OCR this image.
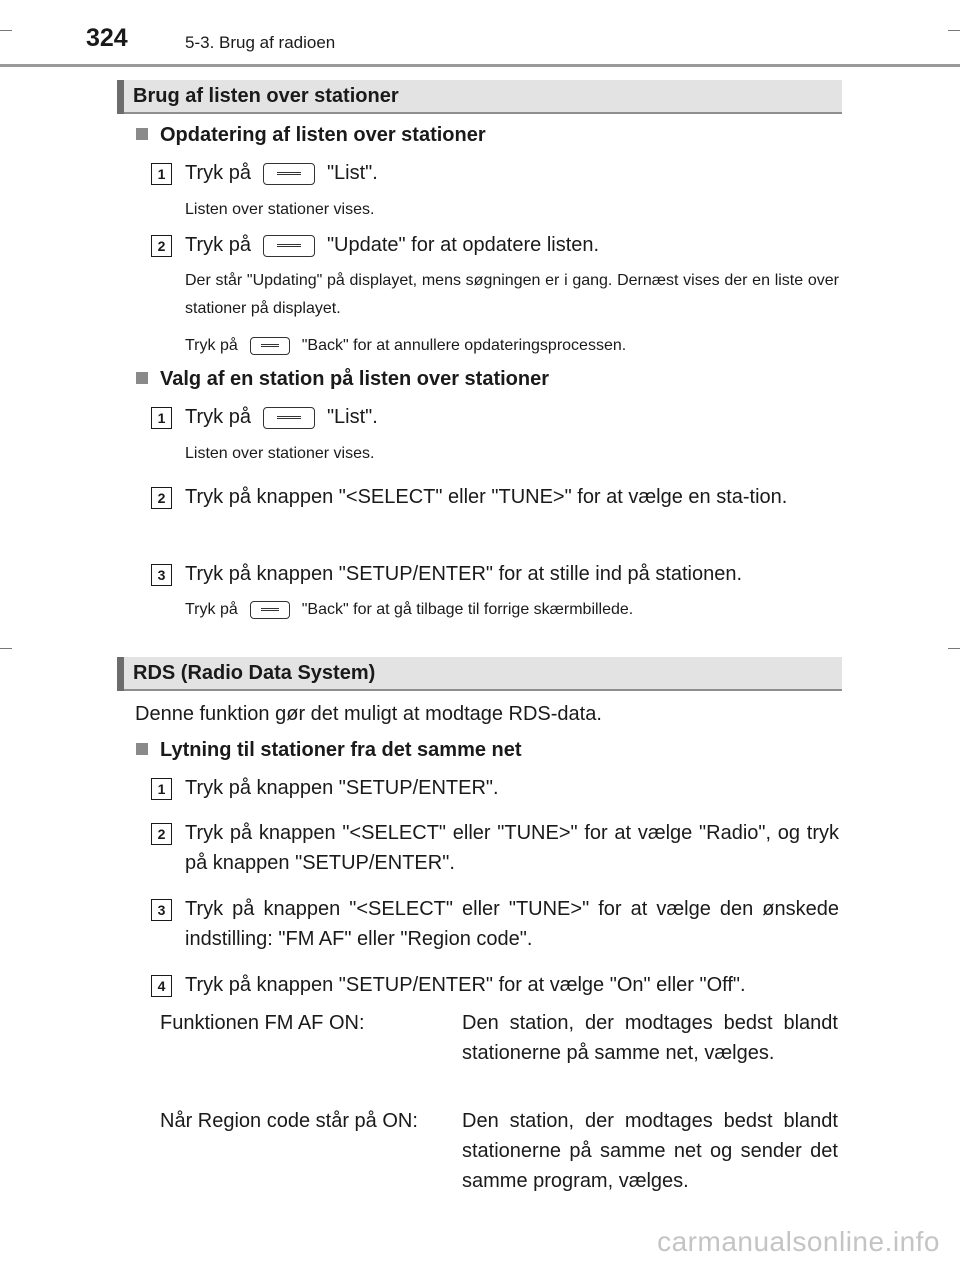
324	5-3. Brug af radioen
Brug af listen over stationer
Opdatering af listen over stationer
1 Tryk på	"List".
Listen over stationer vises.
2 Tryk på	"Update" for at opdatere listen.
Der står "Updating" på displayet, mens søgningen er i gang. Dernæst vises der en liste over stationer på displayet.
Tryk på	"Back" for at annullere opdateringsprocessen.
Valg af en station på listen over stationer
1 Tryk på	"List".
Listen over stationer vises.
2 Tryk på knappen "<SELECT" eller "TUNE>" for at vælge en sta-tion.
3 Tryk på knappen "SETUP/ENTER" for at stille ind på stationen.
Tryk på	"Back" for at gå tilbage til forrige skærmbillede.
RDS (Radio Data System)
Denne funktion gør det muligt at modtage RDS-data.
Lytning til stationer fra det samme net
1 Tryk på knappen "SETUP/ENTER".
2 Tryk på knappen "<SELECT" eller "TUNE>" for at vælge "Radio", og tryk på knappen "SETUP/ENTER".
3 Tryk på knappen "<SELECT" eller "TUNE>" for at vælge den ønskede indstilling: "FM AF" eller "Region code".
4 Tryk på knappen "SETUP/ENTER" for at vælge "On" eller "Off".
Funktionen FM AF ON:	Den station, der modtages bedst blandt stationerne på samme net, vælges.
Når Region code står på ON: Den station, der modtages bedst blandt stationerne på samme net og sender det samme program, vælges.
carmanualsonline.info
